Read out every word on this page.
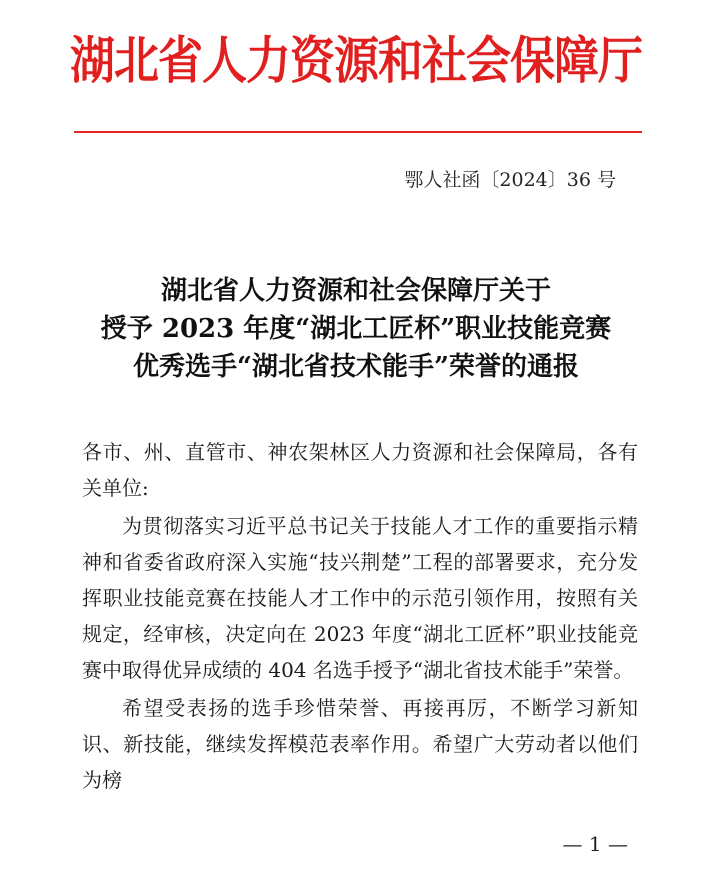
湖北省人力资源和社会保障厅
鄂人社函〔2024〕36 号
湖北省人力资源和社会保障厅关于
授予 2023 年度“湖北工匠杯”职业技能竞赛
优秀选手“湖北省技术能手”荣誉的通报

各市、州、直管市、神农架林区人力资源和社会保障局，各有关单位:

为贯彻落实习近平总书记关于技能人才工作的重要指示精神和省委省政府深入实施“技兴荆楚”工程的部署要求，充分发挥职业技能竞赛在技能人才工作中的示范引领作用，按照有关规定，经审核，决定向在 2023 年度“湖北工匠杯”职业技能竞赛中取得优异成绩的 404 名选手授予“湖北省技术能手”荣誉。

希望受表扬的选手珍惜荣誉、再接再厉，不断学习新知识、新技能，继续发挥模范表率作用。希望广大劳动者以他们为榜

— 1 —
